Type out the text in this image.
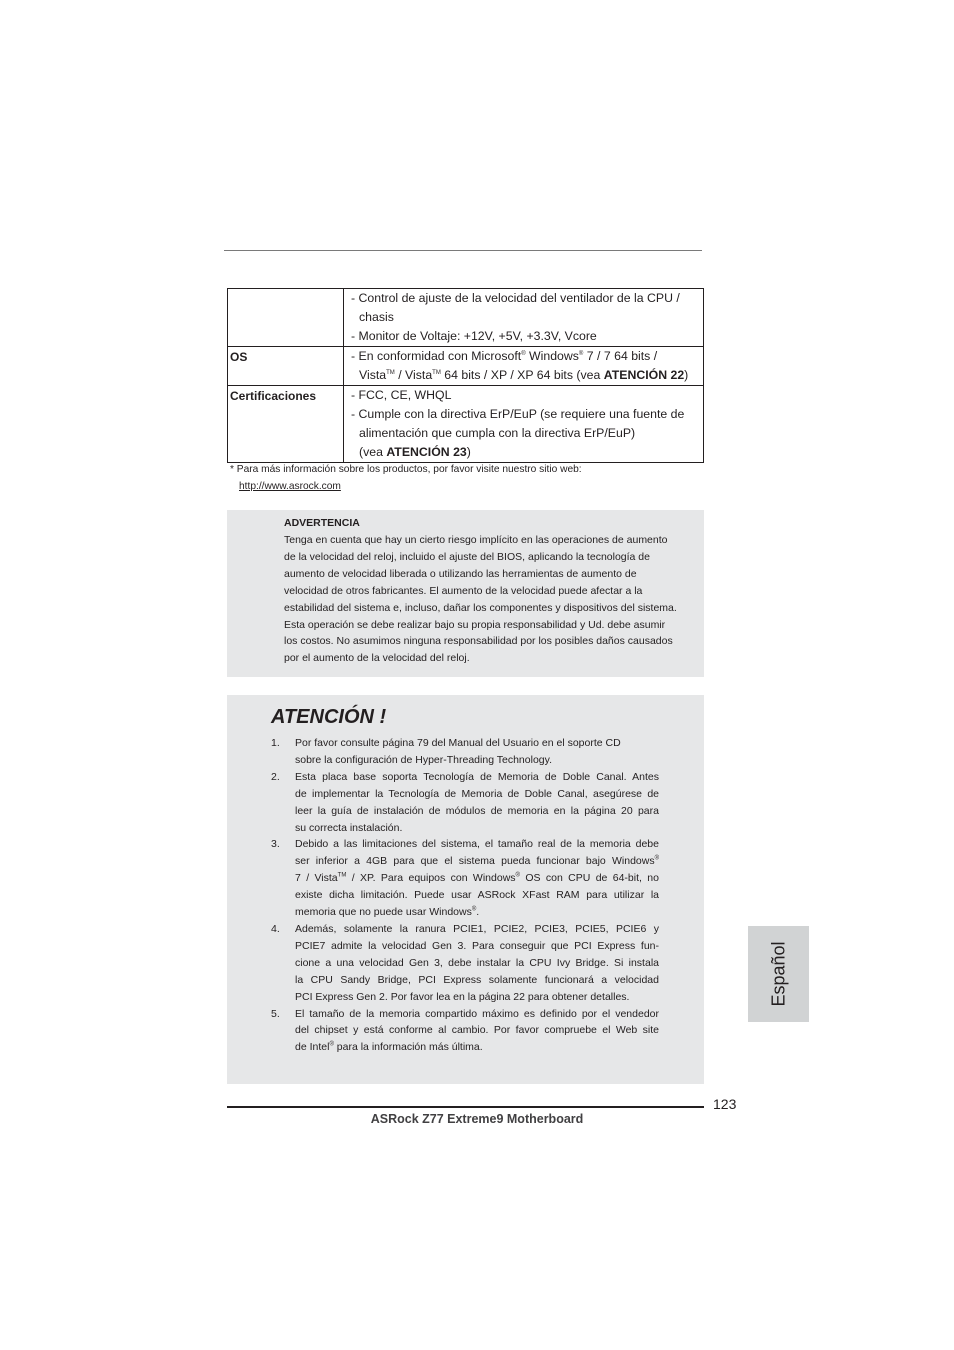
	- Control de ajuste de la velocidad del ventilador de la CPU /
chasis
- Monitor de Voltaje: +12V, +5V, +3.3V, Vcore

OS	- En conformidad con Microsoft® Windows® 7 / 7 64 bits /
Vista™ / Vista™ 64 bits / XP / XP 64 bits (vea ATENCIÓN 22)

Certificaciones	- FCC, CE, WHQL
- Cumple con la directiva ErP/EuP (se requiere una fuente de
alimentación que cumpla con la directiva ErP/EuP)
(vea ATENCIÓN 23)
* Para más información sobre los productos, por favor visite nuestro sitio web:
http://www.asrock.com
ADVERTENCIA
Tenga en cuenta que hay un cierto riesgo implícito en las operaciones de aumento
de la velocidad del reloj, incluido el ajuste del BIOS, aplicando la tecnología de
aumento de velocidad liberada o utilizando las herramientas de aumento de
velocidad de otros fabricantes. El aumento de la velocidad puede afectar a la
estabilidad del sistema e, incluso, dañar los componentes y dispositivos del sistema.
Esta operación se debe realizar bajo su propia responsabilidad y Ud. debe asumir
los costos. No asumimos ninguna responsabilidad por los posibles daños causados
por el aumento de la velocidad del reloj.
ATENCIÓN !
1.	Por favor consulte página 79 del Manual del Usuario en el soporte CD
sobre la configuración de Hyper-Threading Technology.
2.	Esta placa base soporta Tecnología de Memoria de Doble Canal. Antes
de implementar la Tecnología de Memoria de Doble Canal, asegúrese de
leer la guía de instalación de módulos de memoria en la página 20 para
su correcta instalación.
3.	Debido a las limitaciones del sistema, el tamaño real de la memoria debe
ser inferior a 4GB para que el sistema pueda funcionar bajo Windows®
7 / Vista™ / XP. Para equipos con Windows® OS con CPU de 64-bit, no
existe dicha limitación. Puede usar ASRock XFast RAM para utilizar la
memoria que no puede usar Windows®.
4.	Además, solamente la ranura PCIE1, PCIE2, PCIE3, PCIE5, PCIE6 y
PCIE7 admite la velocidad Gen 3. Para conseguir que PCI Express fun-
cione a una velocidad Gen 3, debe instalar la CPU Ivy Bridge. Si instala
la CPU Sandy Bridge, PCI Express solamente funcionará a velocidad
PCI Express Gen 2. Por favor lea en la página 22 para obtener detalles.
5.	El tamaño de la memoria compartido máximo es definido por el vendedor
del chipset y está conforme al cambio. Por favor compruebe el Web site
de Intel® para la información más última.
Español
123
ASRock Z77 Extreme9 Motherboard
